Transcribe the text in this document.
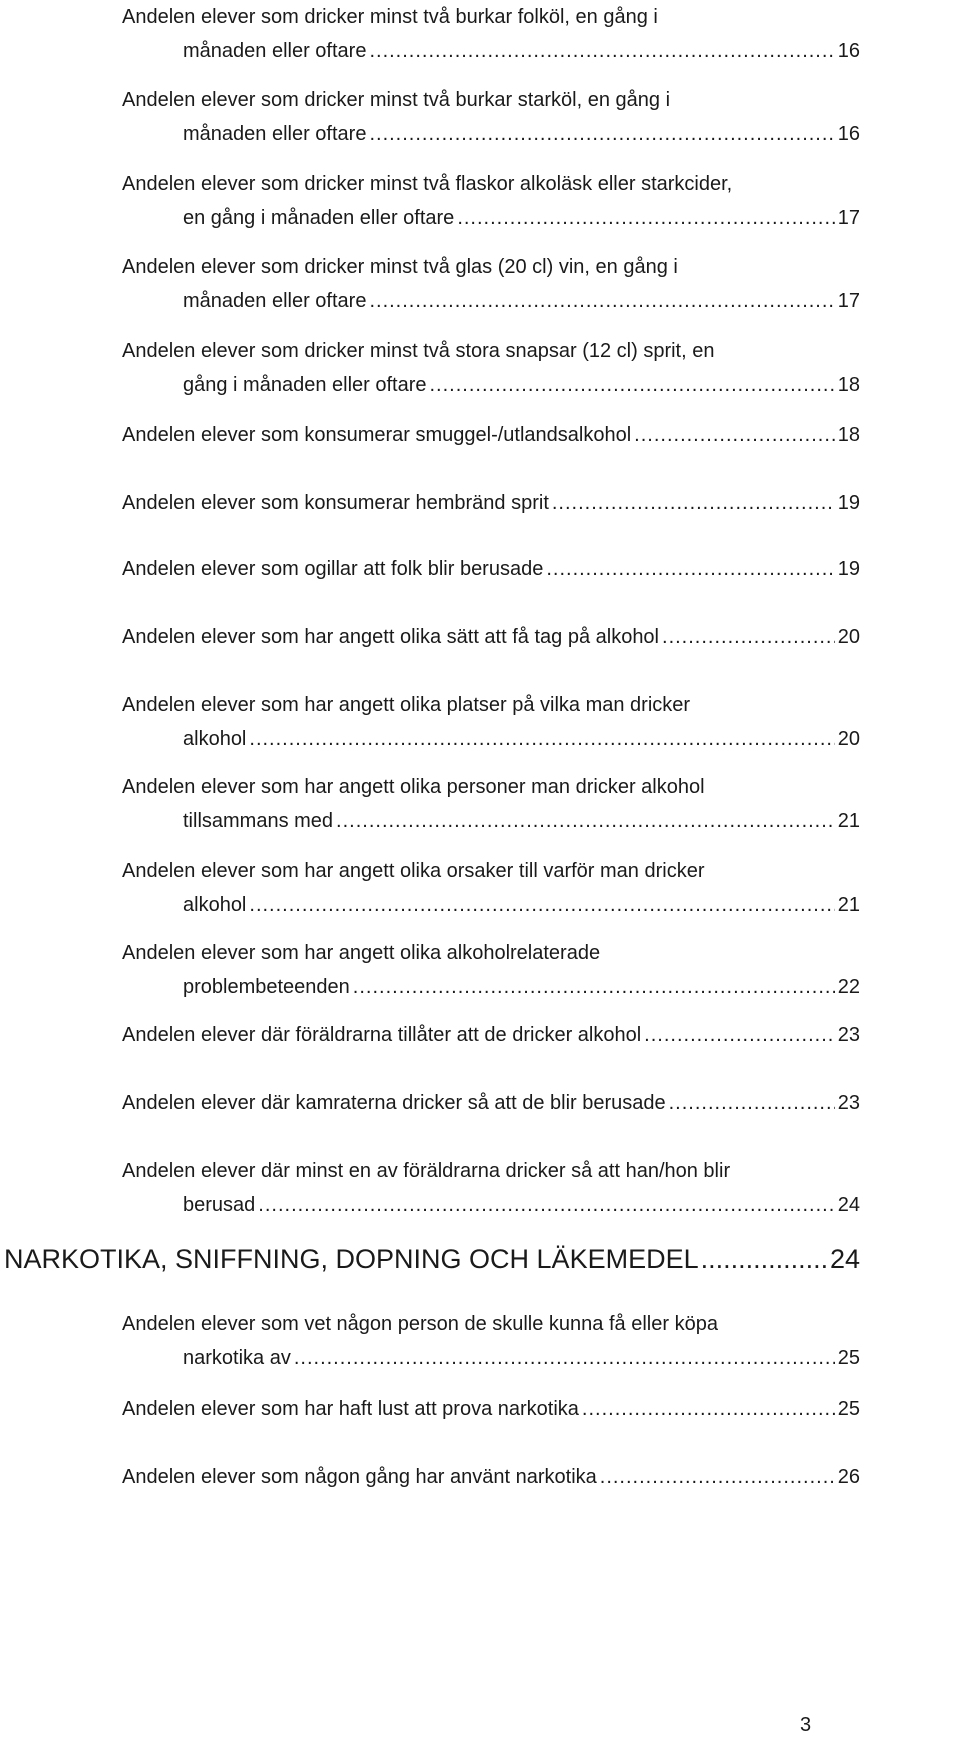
Andelen elever som dricker minst två burkar folköl, en gång i
månaden eller oftare .....	16
Andelen elever som dricker minst två burkar starköl, en gång i
månaden eller oftare .....	16
Andelen elever som dricker minst två flaskor alkoläsk eller starkcider,
en gång i månaden eller oftare .....	17
Andelen elever som dricker minst två glas (20 cl) vin, en gång i
månaden eller oftare .....	17
Andelen elever som dricker minst två stora snapsar (12 cl) sprit, en
gång i månaden eller oftare .....	18
Andelen elever som konsumerar smuggel-/utlandsalkohol .....	18
Andelen elever som konsumerar hembränd sprit .....	19
Andelen elever som ogillar att folk blir berusade .....	19
Andelen elever som har angett olika sätt att få tag på alkohol .....	20
Andelen elever som har angett olika platser på vilka man dricker
alkohol .....	20
Andelen elever som har angett olika personer man dricker alkohol
tillsammans med .....	21
Andelen elever som har angett olika orsaker till varför man dricker
alkohol .....	21
Andelen elever som har angett olika alkoholrelaterade
problembeteenden .....	22
Andelen elever där föräldrarna tillåter att de dricker alkohol .....	23
Andelen elever där kamraterna dricker så att de blir berusade .....	23
Andelen elever där minst en av föräldrarna dricker så att han/hon blir
berusad .....	24
NARKOTIKA, SNIFFNING, DOPNING OCH LÄKEMEDEL .....	24
Andelen elever som vet någon person de skulle kunna få eller köpa
narkotika av .....	25
Andelen elever som har haft lust att prova narkotika .....	25
Andelen elever som någon gång har använt narkotika .....	26
3
